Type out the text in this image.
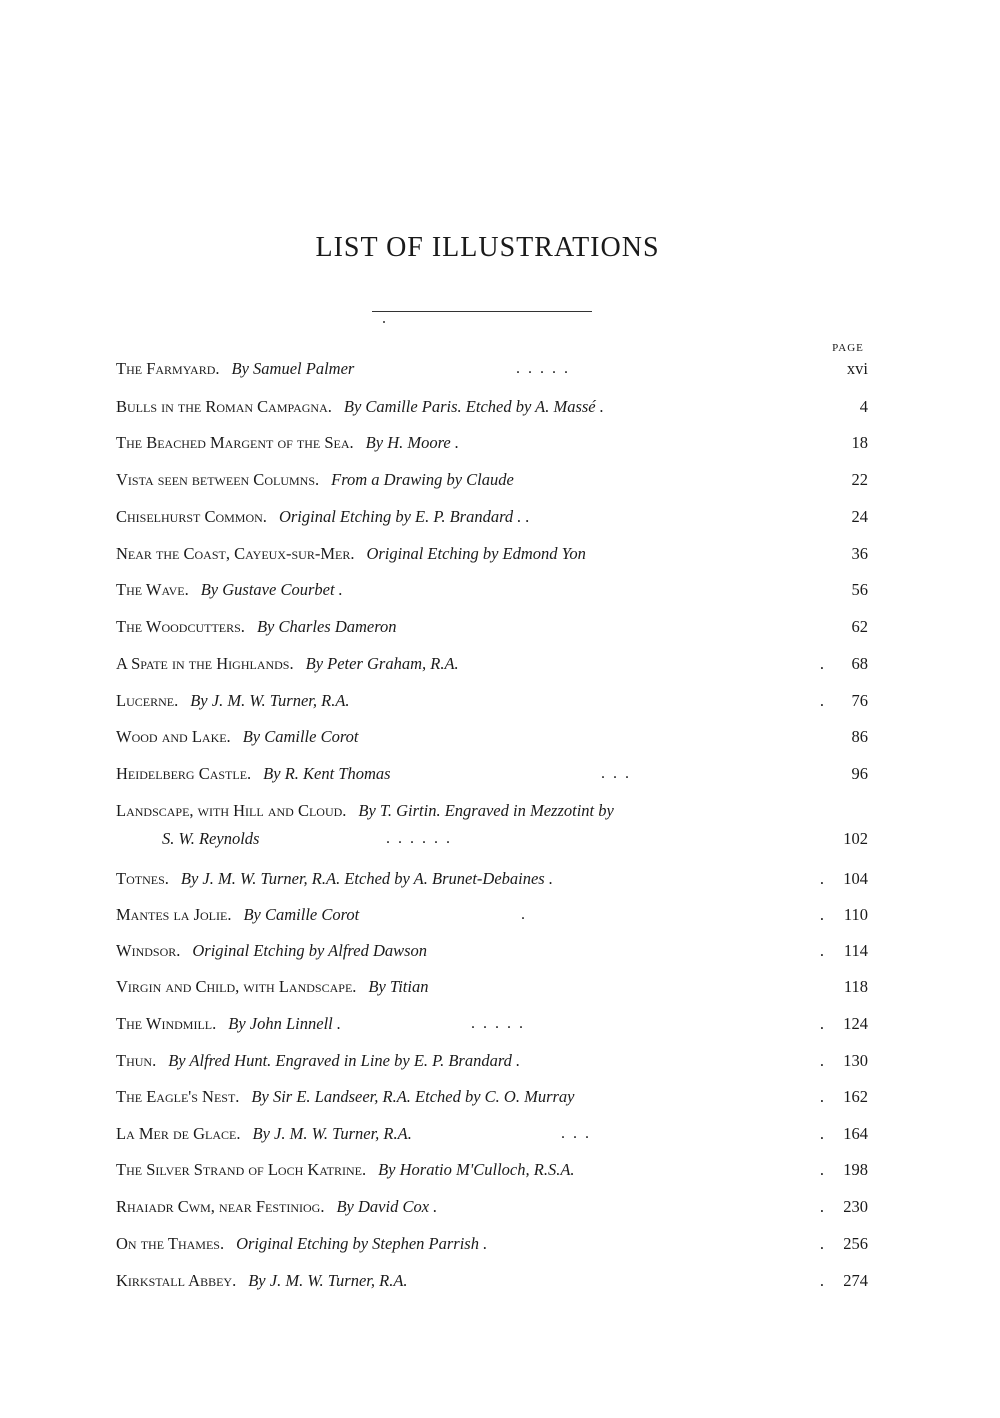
LIST OF ILLUSTRATIONS
PAGE
The Farmyard. By Samuel Palmer	. . . . .	xvi
Bulls in the Roman Campagna. By Camille Paris. Etched by A. Massé .	4
The Beached Margent of the Sea. By H. Moore .	18
Vista seen between Columns. From a Drawing by Claude	22
Chiselhurst Common. Original Etching by E. P. Brandard . .	24
Near the Coast, Cayeux-sur-Mer. Original Etching by Edmond Yon	36
The Wave. By Gustave Courbet .	56
The Woodcutters. By Charles Dameron	62
A Spate in the Highlands. By Peter Graham, R.A.	.	68
Lucerne. By J. M. W. Turner, R.A.	.	76
Wood and Lake. By Camille Corot	86
Heidelberg Castle. By R. Kent Thomas	. . .	96
Landscape, with Hill and Cloud. By T. Girtin. Engraved in Mezzotint by
S. W. Reynolds	. . . . . .	102
Totnes. By J. M. W. Turner, R.A. Etched by A. Brunet-Debaines .	.	104
Mantes la Jolie. By Camille Corot	.	.	110
Windsor. Original Etching by Alfred Dawson	.	114
Virgin and Child, with Landscape. By Titian	118
The Windmill. By John Linnell .	. . . . .	.	124
Thun. By Alfred Hunt. Engraved in Line by E. P. Brandard .	.	130
The Eagle's Nest. By Sir E. Landseer, R.A. Etched by C. O. Murray	.	162
La Mer de Glace. By J. M. W. Turner, R.A.	. . .	.	164
The Silver Strand of Loch Katrine. By Horatio M'Culloch, R.S.A.	.	198
Rhaiadr Cwm, near Festiniog. By David Cox .	.	230
On the Thames. Original Etching by Stephen Parrish .	.	256
Kirkstall Abbey. By J. M. W. Turner, R.A.	.	274
